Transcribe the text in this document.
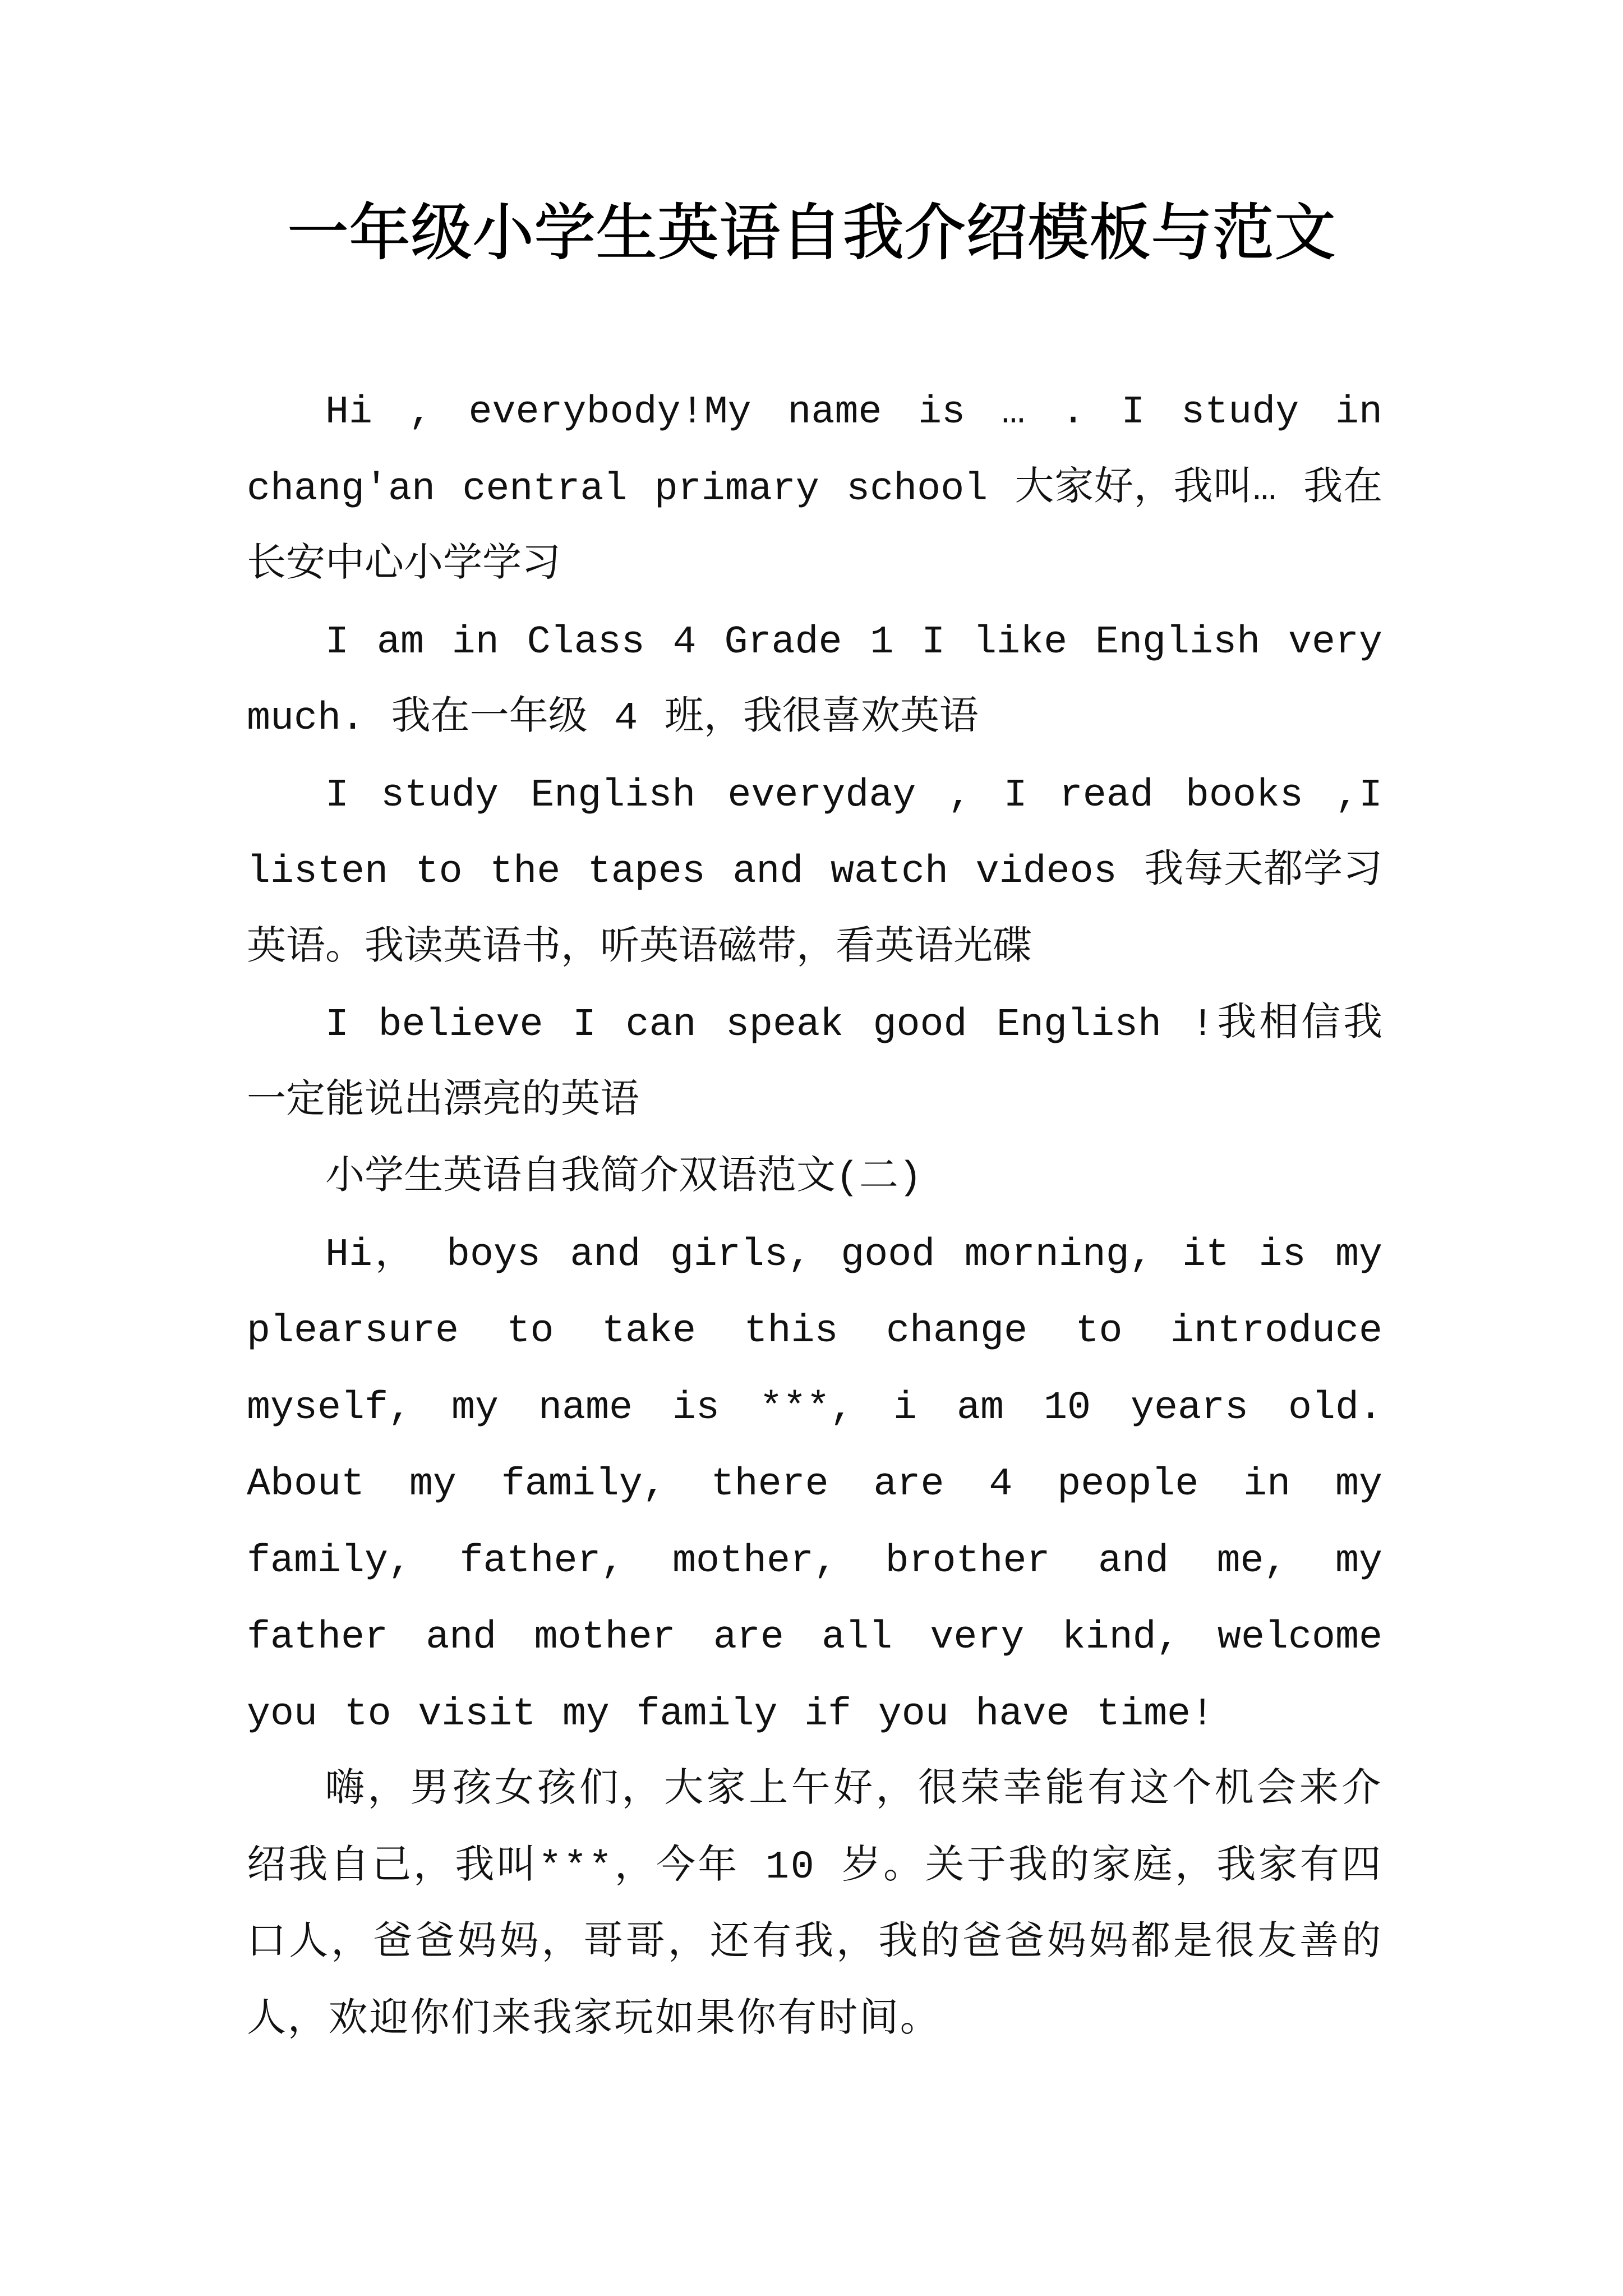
一年级小学生英语自我介绍模板与范文

Hi , everybody!My name is … . I study in chang'an central primary school 大家好，我叫… 我在长安中心小学学习

I am in Class 4 Grade 1 I like English very much. 我在一年级 4 班，我很喜欢英语

I study English everyday , I read books ,I listen to the tapes and watch videos 我每天都学习英语。我读英语书，听英语磁带，看英语光碟

I believe I can speak good English !我相信我一定能说出漂亮的英语

小学生英语自我简介双语范文(二)

Hi， boys and girls, good morning, it is my plearsure to take this change to introduce myself, my name is ***, i am 10 years old. About my family, there are 4 people in my family, father, mother, brother and me, my father and mother are all very kind, welcome you to visit my family if you have time!

嗨，男孩女孩们，大家上午好，很荣幸能有这个机会来介绍我自己，我叫***，今年 10 岁。关于我的家庭，我家有四口人，爸爸妈妈，哥哥，还有我，我的爸爸妈妈都是很友善的人，欢迎你们来我家玩如果你有时间。
